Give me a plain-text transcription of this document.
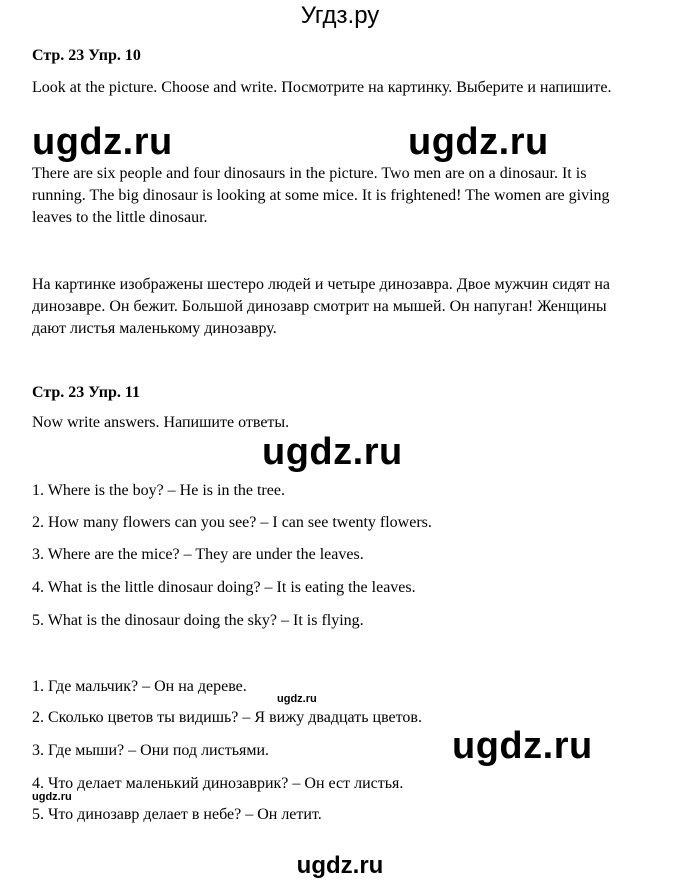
Угдз.ру
Стр. 23 Упр. 10
Look at the picture. Choose and write. Посмотрите на картинку. Выберите и напишите.
ugdz.ru	ugdz.ru
There are six people and four dinosaurs in the picture. Two men are on a dinosaur. It is running. The big dinosaur is looking at some mice. It is frightened! The women are giving leaves to the little dinosaur.
На картинке изображены шестеро людей и четыре динозавра. Двое мужчин сидят на динозавре. Он бежит. Большой динозавр смотрит на мышей. Он напуган! Женщины дают листья маленькому динозавру.
Стр. 23 Упр. 11
Now write answers. Напишите ответы.
ugdz.ru
1. Where is the boy? – He is in the tree.
2. How many flowers can you see? – I can see twenty flowers.
3. Where are the mice? – They are under the leaves.
4. What is the little dinosaur doing? – It is eating the leaves.
5. What is the dinosaur doing the sky? – It is flying.
1. Где мальчик? – Он на дереве.
ugdz.ru
2. Сколько цветов ты видишь? – Я вижу двадцать цветов.
ugdz.ru
3. Где мыши? – Они под листьями.
4. Что делает маленький динозаврик? – Он ест листья.
ugdz.ru
5. Что динозавр делает в небе? – Он летит.
ugdz.ru
